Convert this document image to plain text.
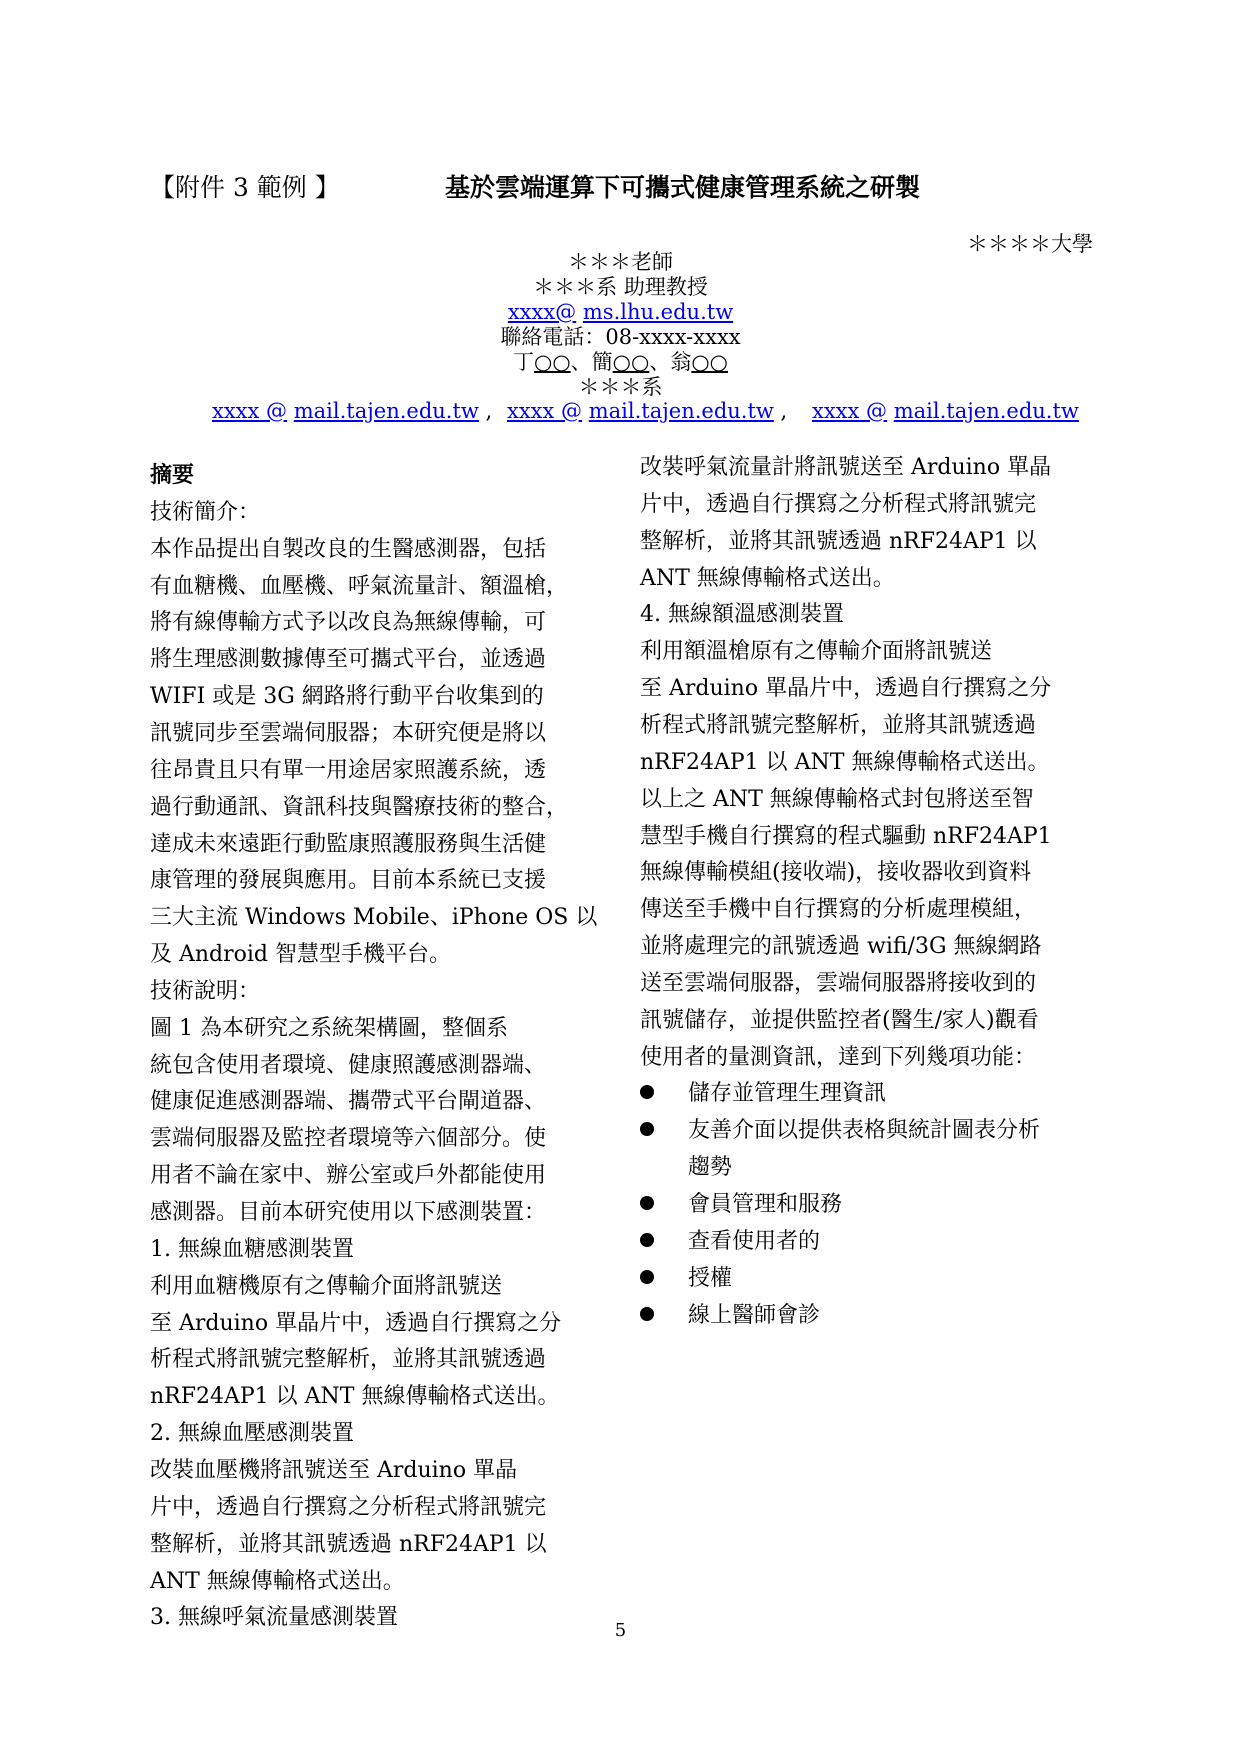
【附件 3 範例 】	基於雲端運算下可攜式健康管理系統之研製
＊＊＊＊大學
＊＊＊老師
＊＊＊系 助理教授
xxxx@ ms.lhu.edu.tw
聯絡電話：08-xxxx-xxxx
丁○○、簡○○、翁○○
＊＊＊系
xxxx @ mail.tajen.edu.tw , xxxx @ mail.tajen.edu.tw , xxxx @ mail.tajen.edu.tw
摘要
技術簡介：
本作品提出自製改良的生醫感測器，包括
有血糖機、血壓機、呼氣流量計、額溫槍，
將有線傳輸方式予以改良為無線傳輸，可
將生理感測數據傳至可攜式平台，並透過
WIFI 或是 3G 網路將行動平台收集到的
訊號同步至雲端伺服器；本研究便是將以
往昂貴且只有單一用途居家照護系統，透
過行動通訊、資訊科技與醫療技術的整合，
達成未來遠距行動監康照護服務與生活健
康管理的發展與應用。目前本系統已支援
三大主流 Windows Mobile、iPhone OS 以
及 Android 智慧型手機平台。
技術說明：
圖 1 為本研究之系統架構圖，整個系
統包含使用者環境、健康照護感測器端、
健康促進感測器端、攜帶式平台閘道器、
雲端伺服器及監控者環境等六個部分。使
用者不論在家中、辦公室或戶外都能使用
感測器。目前本研究使用以下感測裝置：
1. 無線血糖感測裝置
利用血糖機原有之傳輸介面將訊號送
至 Arduino 單晶片中，透過自行撰寫之分
析程式將訊號完整解析，並將其訊號透過
nRF24AP1 以 ANT 無線傳輸格式送出。
2. 無線血壓感測裝置
改裝血壓機將訊號送至 Arduino 單晶
片中，透過自行撰寫之分析程式將訊號完
整解析，並將其訊號透過 nRF24AP1 以
ANT 無線傳輸格式送出。
3. 無線呼氣流量感測裝置
改裝呼氣流量計將訊號送至 Arduino 單晶
片中，透過自行撰寫之分析程式將訊號完
整解析，並將其訊號透過 nRF24AP1 以
ANT 無線傳輸格式送出。
4. 無線額溫感測裝置
利用額溫槍原有之傳輸介面將訊號送
至 Arduino 單晶片中，透過自行撰寫之分
析程式將訊號完整解析，並將其訊號透過
nRF24AP1 以 ANT 無線傳輸格式送出。
以上之 ANT 無線傳輸格式封包將送至智
慧型手機自行撰寫的程式驅動 nRF24AP1
無線傳輸模組(接收端)，接收器收到資料
傳送至手機中自行撰寫的分析處理模組，
並將處理完的訊號透過 wifi/3G 無線網路
送至雲端伺服器，雲端伺服器將接收到的
訊號儲存，並提供監控者(醫生/家人)觀看
使用者的量測資訊，達到下列幾項功能：
儲存並管理生理資訊
友善介面以提供表格與統計圖表分析
趨勢
會員管理和服務
查看使用者的
授權
線上醫師會診
5
